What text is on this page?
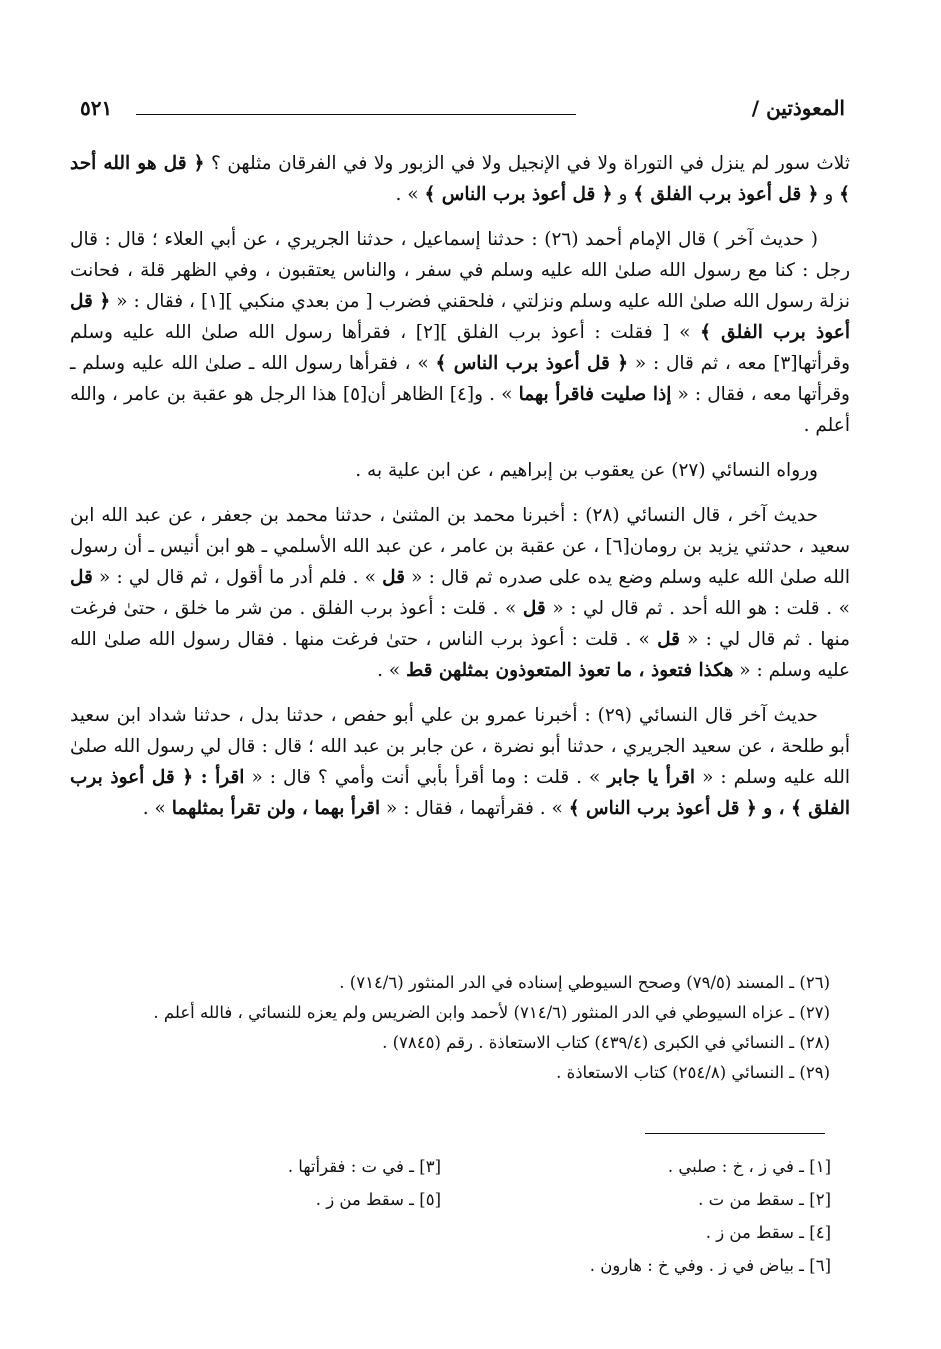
المعوذتين /
٥٢١

ثلاث سور لم ينزل في التوراة ولا في الإنجيل ولا في الزبور ولا في الفرقان مثلهن ؟ ﴿ قل هو الله أحد ﴾ و ﴿ قل أعوذ برب الفلق ﴾ و ﴿ قل أعوذ برب الناس ﴾ » .

( حديث آخر ) قال الإمام أحمد (٢٦) : حدثنا إسماعيل ، حدثنا الجريري ، عن أبي العلاء ؛ قال : قال رجل : كنا مع رسول الله صلىٰ الله عليه وسلم في سفر ، والناس يعتقبون ، وفي الظهر قلة ، فحانت نزلة رسول الله صلىٰ الله عليه وسلم ونزلتي ، فلحقني فضرب [ من بعدي منكبي ][١] ، فقال : « ﴿ قل أعوذ برب الفلق ﴾ » [ فقلت : أعوذ برب الفلق ][٢] ، فقرأها رسول الله صلىٰ الله عليه وسلم وقرأتها[٣] معه ، ثم قال : « ﴿ قل أعوذ برب الناس ﴾ » ، فقرأها رسول الله ـ صلىٰ الله عليه وسلم ـ وقرأتها معه ، فقال : « إذا صليت فاقرأ بهما » . و[٤] الظاهر أن[٥] هذا الرجل هو عقبة بن عامر ، والله أعلم .

ورواه النسائي (٢٧) عن يعقوب بن إبراهيم ، عن ابن علية به .

حديث آخر ، قال النسائي (٢٨) : أخبرنا محمد بن المثنىٰ ، حدثنا محمد بن جعفر ، عن عبد الله ابن سعيد ، حدثني يزيد بن رومان[٦] ، عن عقبة بن عامر ، عن عبد الله الأسلمي ـ هو ابن أنيس ـ أن رسول الله صلىٰ الله عليه وسلم وضع يده على صدره ثم قال : « قل » . فلم أدر ما أقول ، ثم قال لي : « قل » . قلت : هو الله أحد . ثم قال لي : « قل » . قلت : أعوذ برب الفلق . من شر ما خلق ، حتىٰ فرغت منها . ثم قال لي : « قل » . قلت : أعوذ برب الناس ، حتىٰ فرغت منها . فقال رسول الله صلىٰ الله عليه وسلم : « هكذا فتعوذ ، ما تعوذ المتعوذون بمثلهن قط » .

حديث آخر قال النسائي (٢٩) : أخبرنا عمرو بن علي أبو حفص ، حدثنا بدل ، حدثنا شداد ابن سعيد أبو طلحة ، عن سعيد الجريري ، حدثنا أبو نضرة ، عن جابر بن عبد الله ؛ قال : قال لي رسول الله صلىٰ الله عليه وسلم : « اقرأ يا جابر » . قلت : وما أقرأ بأبي أنت وأمي ؟ قال : « اقرأ : ﴿ قل أعوذ برب الفلق ﴾ ، و ﴿ قل أعوذ برب الناس ﴾ » . فقرأتهما ، فقال : « اقرأ بهما ، ولن تقرأ بمثلهما » .

(٢٦) ـ المسند (٧٩/٥) وصحح السيوطي إسناده في الدر المنثور (٧١٤/٦) .
(٢٧) ـ عزاه السيوطي في الدر المنثور (٧١٤/٦) لأحمد وابن الضريس ولم يعزه للنسائي ، فالله أعلم .
(٢٨) ـ النسائي في الكبرى (٤٣٩/٤) كتاب الاستعاذة . رقم (٧٨٤٥) .
(٢٩) ـ النسائي (٢٥٤/٨) كتاب الاستعاذة .
[١] ـ في ز ، خ : صلبي .
[٢] ـ سقط من ت .
[٤] ـ سقط من ز .
[٦] ـ بياض في ز . وفي خ : هارون .
[٣] ـ في ت : فقرأتها .
[٥] ـ سقط من ز .
